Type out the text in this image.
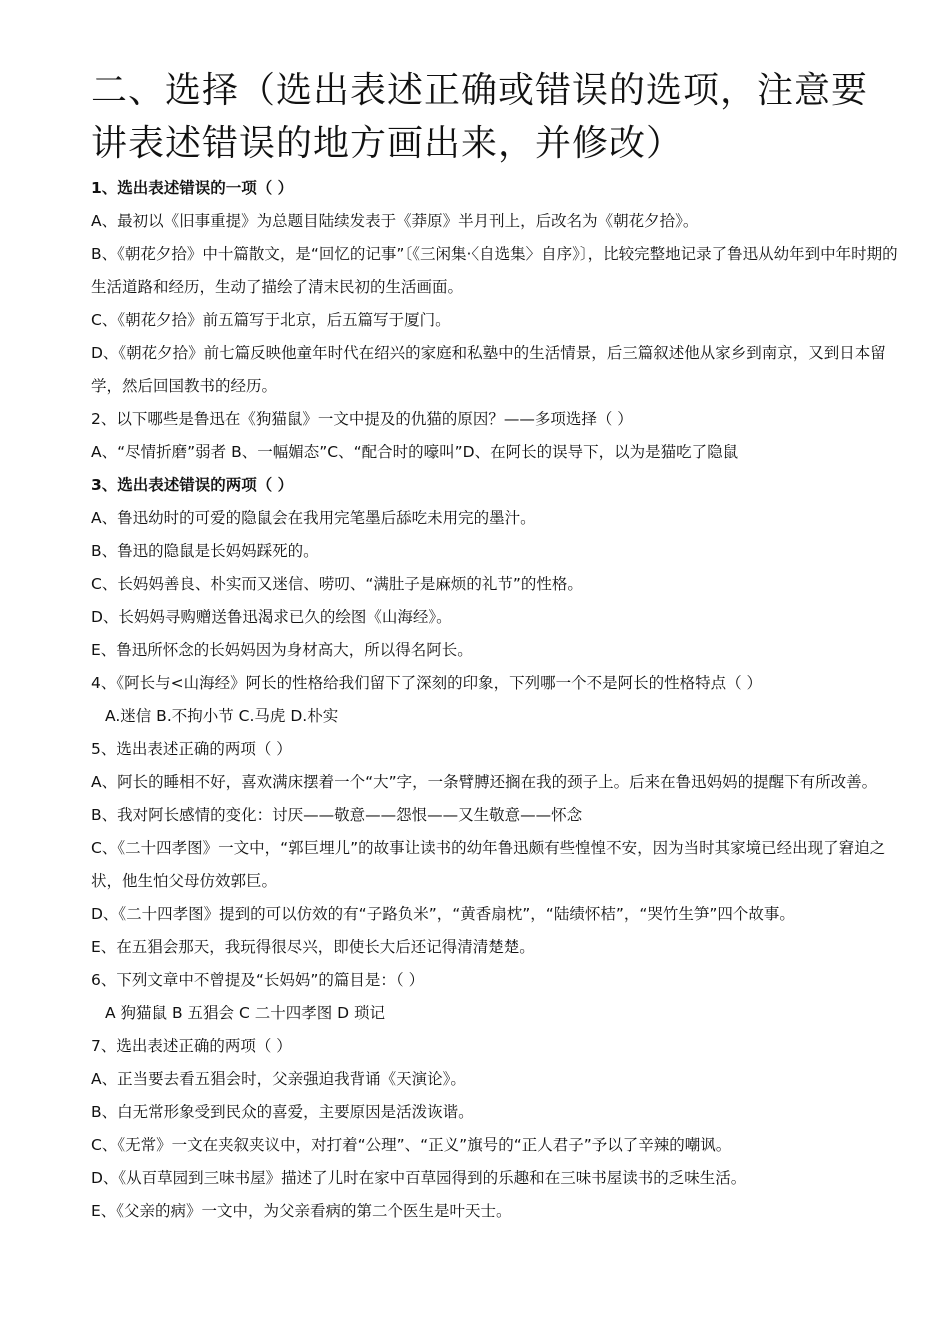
二、选择（选出表述正确或错误的选项，注意要讲表述错误的地方画出来，并修改）

1、选出表述错误的一项（ ）

A、最初以《旧事重提》为总题目陆续发表于《莽原》半月刊上，后改名为《朝花夕拾》。

B、《朝花夕拾》中十篇散文，是“回忆的记事”〔《三闲集·〈自选集〉自序》〕，比较完整地记录了鲁迅从幼年到中年时期的生活道路和经历，生动了描绘了清末民初的生活画面。

C、《朝花夕拾》前五篇写于北京，后五篇写于厦门。

D、《朝花夕拾》前七篇反映他童年时代在绍兴的家庭和私塾中的生活情景，后三篇叙述他从家乡到南京，又到日本留学，然后回国教书的经历。

2、以下哪些是鲁迅在《狗猫鼠》一文中提及的仇猫的原因？——多项选择（ ）

A、“尽情折磨”弱者 B、一幅媚态”C、“配合时的嚎叫”D、在阿长的误导下，以为是猫吃了隐鼠

3、选出表述错误的两项（ ）

A、鲁迅幼时的可爱的隐鼠会在我用完笔墨后舔吃未用完的墨汁。

B、鲁迅的隐鼠是长妈妈踩死的。

C、长妈妈善良、朴实而又迷信、唠叨、“满肚子是麻烦的礼节”的性格。

D、长妈妈寻购赠送鲁迅渴求已久的绘图《山海经》。

E、鲁迅所怀念的长妈妈因为身材高大，所以得名阿长。

4、《阿长与<山海经》阿长的性格给我们留下了深刻的印象，下列哪一个不是阿长的性格特点（ ）

A.迷信 B.不拘小节 C.马虎 D.朴实

5、选出表述正确的两项（ ）

A、阿长的睡相不好，喜欢满床摆着一个“大”字，一条臂膊还搁在我的颈子上。后来在鲁迅妈妈的提醒下有所改善。

B、我对阿长感情的变化：讨厌——敬意——怨恨——又生敬意——怀念

C、《二十四孝图》一文中，“郭巨埋儿”的故事让读书的幼年鲁迅颇有些惶惶不安，因为当时其家境已经出现了窘迫之状，他生怕父母仿效郭巨。

D、《二十四孝图》提到的可以仿效的有“子路负米”，“黄香扇枕”，“陆绩怀桔”，“哭竹生笋”四个故事。

E、在五猖会那天，我玩得很尽兴，即使长大后还记得清清楚楚。

6、下列文章中不曾提及“长妈妈”的篇目是：（ ）

A 狗猫鼠 B 五猖会 C 二十四孝图 D 琐记

7、选出表述正确的两项（ ）

A、正当要去看五猖会时，父亲强迫我背诵《天演论》。

B、白无常形象受到民众的喜爱，主要原因是活泼诙谐。

C、《无常》一文在夹叙夹议中，对打着“公理”、“正义”旗号的“正人君子”予以了辛辣的嘲讽。

D、《从百草园到三味书屋》描述了儿时在家中百草园得到的乐趣和在三味书屋读书的乏味生活。

E、《父亲的病》一文中，为父亲看病的第二个医生是叶天士。
